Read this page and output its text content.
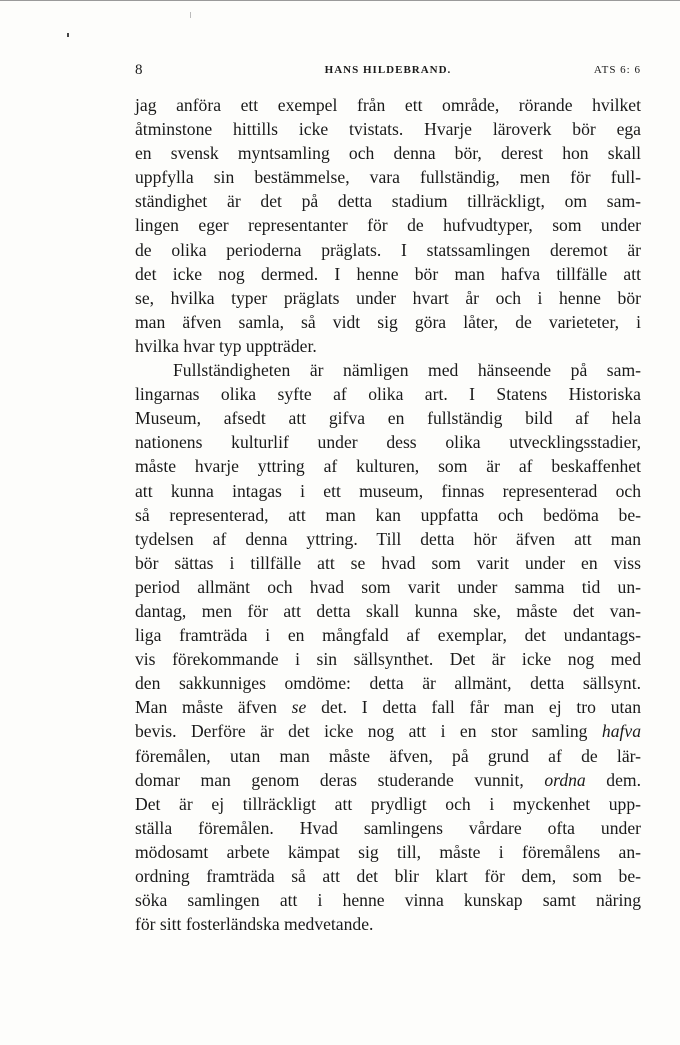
8	HANS HILDEBRAND.	ATS 6: 6
jag anföra ett exempel från ett område, rörande hvilket
åtminstone hittills icke tvistats. Hvarje läroverk bör ega
en svensk myntsamling och denna bör, derest hon skall
uppfylla sin bestämmelse, vara fullständig, men för full-
ständighet är det på detta stadium tillräckligt, om sam-
lingen eger representanter för de hufvudtyper, som under
de olika perioderna präglats. I statssamlingen deremot är
det icke nog dermed. I henne bör man hafva tillfälle att
se, hvilka typer präglats under hvart år och i henne bör
man äfven samla, så vidt sig göra låter, de varieteter, i
hvilka hvar typ uppträder.
Fullständigheten är nämligen med hänseende på sam-
lingarnas olika syfte af olika art. I Statens Historiska
Museum, afsedt att gifva en fullständig bild af hela
nationens kulturlif under dess olika utvecklingsstadier,
måste hvarje yttring af kulturen, som är af beskaffenhet
att kunna intagas i ett museum, finnas representerad och
så representerad, att man kan uppfatta och bedöma be-
tydelsen af denna yttring. Till detta hör äfven att man
bör sättas i tillfälle att se hvad som varit under en viss
period allmänt och hvad som varit under samma tid un-
dantag, men för att detta skall kunna ske, måste det van-
liga framträda i en mångfald af exemplar, det undantags-
vis förekommande i sin sällsynthet. Det är icke nog med
den sakkunniges omdöme: detta är allmänt, detta sällsynt.
Man måste äfven se det. I detta fall får man ej tro utan
bevis. Derföre är det icke nog att i en stor samling hafva
föremålen, utan man måste äfven, på grund af de lär-
domar man genom deras studerande vunnit, ordna dem.
Det är ej tillräckligt att prydligt och i myckenhet upp-
ställa föremålen. Hvad samlingens vårdare ofta under
mödosamt arbete kämpat sig till, måste i föremålens an-
ordning framträda så att det blir klart för dem, som be-
söka samlingen att i henne vinna kunskap samt näring
för sitt fosterländska medvetande.
